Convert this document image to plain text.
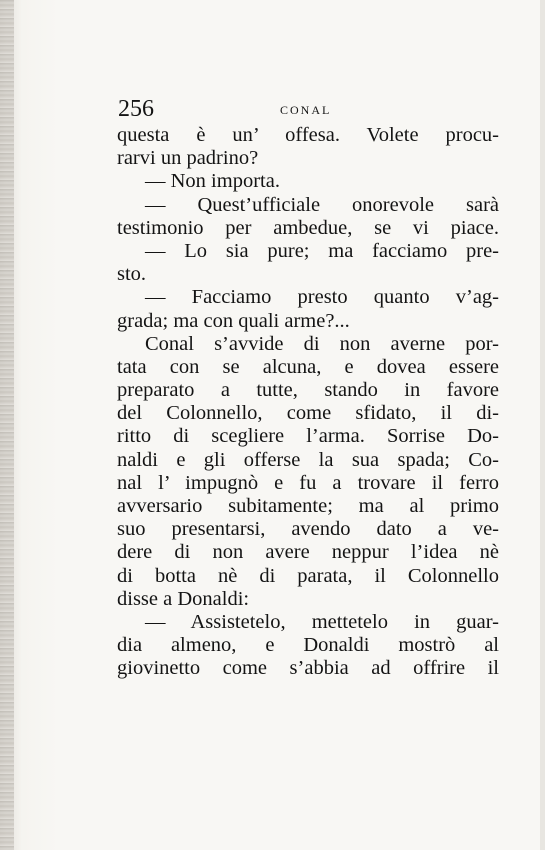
256	CONAL
questa è un’ offesa. Volete procu-
rarvi un padrino?
— Non importa.
— Quest’ufficiale onorevole sarà
testimonio per ambedue, se vi piace.
— Lo sia pure; ma facciamo pre-
sto.
— Facciamo presto quanto v’ag-
grada; ma con quali arme?...
Conal s’avvide di non averne por-
tata con se alcuna, e dovea essere
preparato a tutte, stando in favore
del Colonnello, come sfidato, il di-
ritto di scegliere l’arma. Sorrise Do-
naldi e gli offerse la sua spada; Co-
nal l’ impugnò e fu a trovare il ferro
avversario subitamente; ma al primo
suo presentarsi, avendo dato a ve-
dere di non avere neppur l’idea nè
di botta nè di parata, il Colonnello
disse a Donaldi:
— Assistetelo, mettetelo in guar-
dia almeno, e Donaldi mostrò al
giovinetto come s’abbia ad offrire il
